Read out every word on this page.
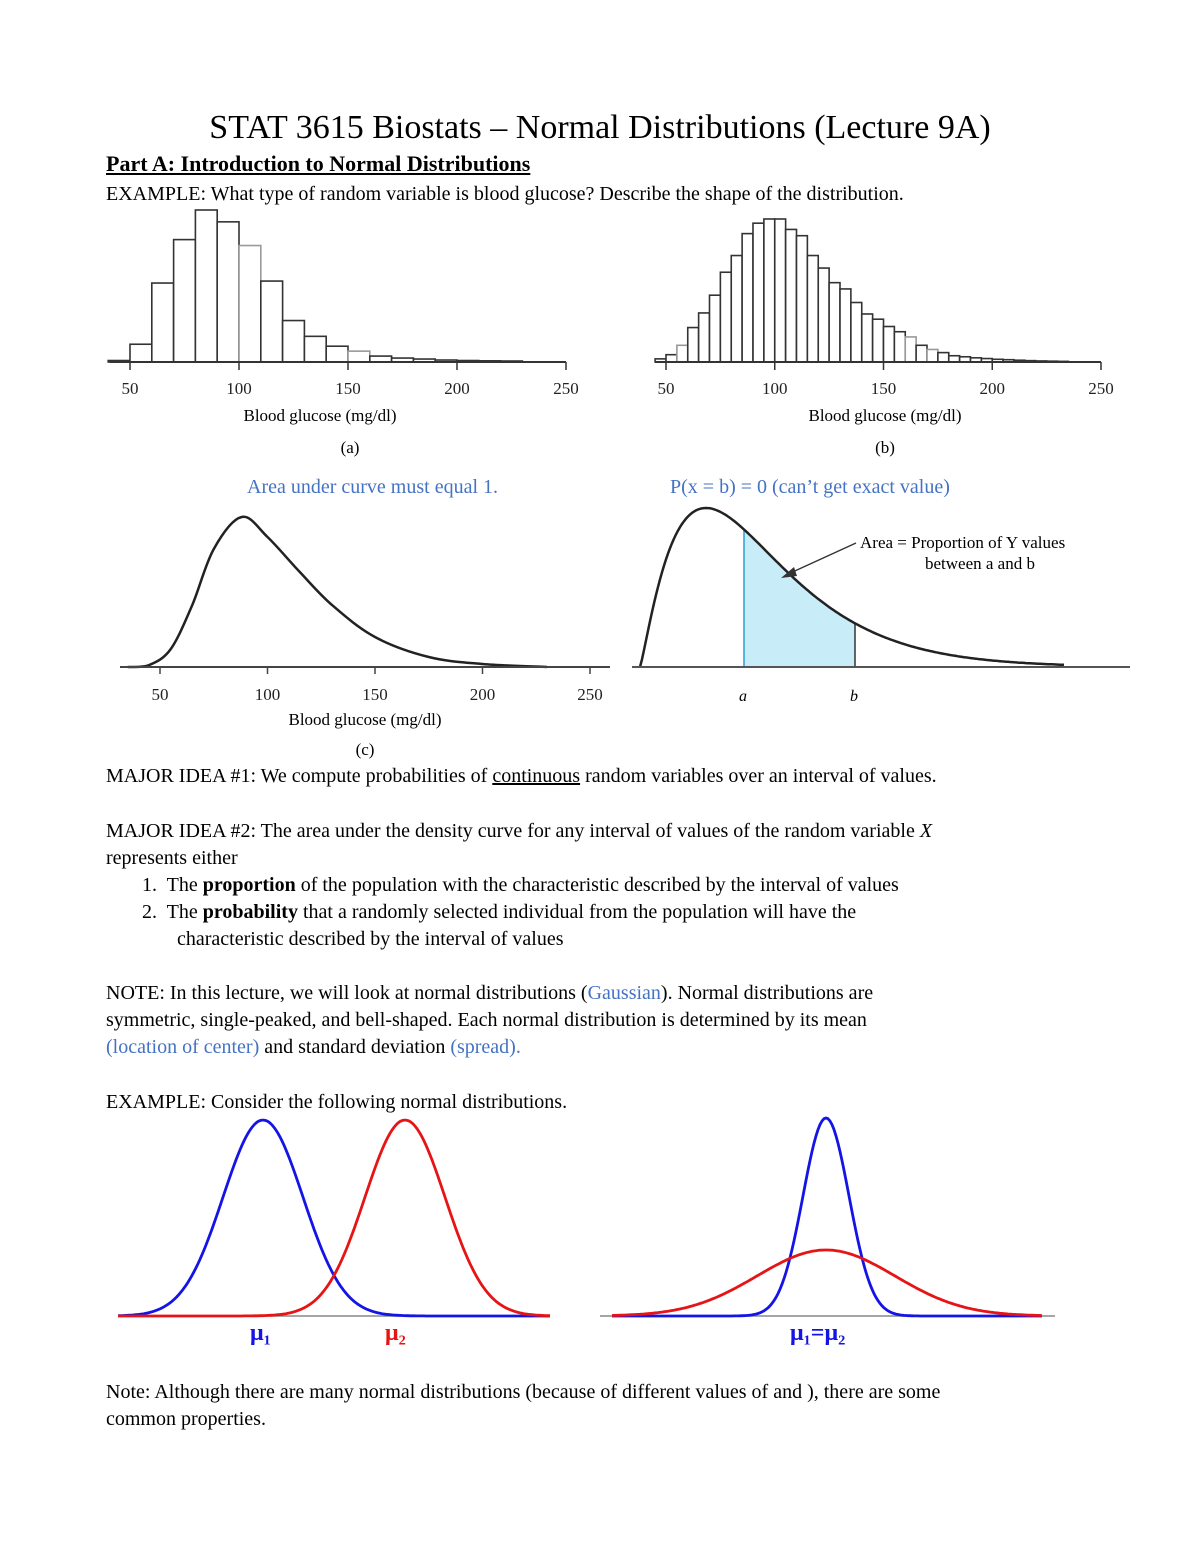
STAT 3615 Biostats – Normal Distributions (Lecture 9A)
Part A: Introduction to Normal Distributions
EXAMPLE: What type of random variable is blood glucose? Describe the shape of the distribution.
50	100	150	200	250	50	100	150	200	250
50	100	150	200	250
Blood glucose (mg/dl)
(a)
Blood glucose (mg/dl)
(b)
Area under curve must equal 1.	P(x = b) = 0 (can’t get exact value)
Blood glucose (mg/dl)
(c)
Area = Proportion of Y values
between a and b
a	b
MAJOR IDEA #1: We compute probabilities of continuous random variables over an interval of values.
MAJOR IDEA #2: The area under the density curve for any interval of values of the random variable X
represents either
1. The proportion of the population with the characteristic described by the interval of values
2. The probability that a randomly selected individual from the population will have the
characteristic described by the interval of values
NOTE: In this lecture, we will look at normal distributions (Gaussian). Normal distributions are
symmetric, single-peaked, and bell-shaped. Each normal distribution is determined by its mean
(location of center) and standard deviation (spread).
EXAMPLE: Consider the following normal distributions.
μ₁	μ₂	μ₁=μ₂
Note: Although there are many normal distributions (because of different values of and ), there are some
common properties.
